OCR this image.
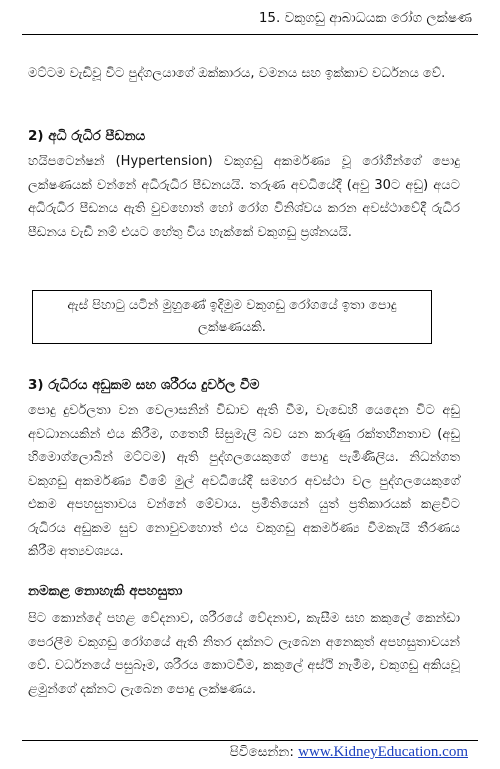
15. වකුගඩු ආබාධයක රෝග ලක්ෂණ

මට්ටම වැඩිවූ විට පුද්ගලයාගේ ඔක්කාරය, වමනය සහ ඉක්කාව වර්ධනය වේ.

2) අධි රුධිර පීඩනය

හයිපටෙන්ෂන් (Hypertension) වකුගඩු අකර්මණ්‍ය වූ රෝගීන්ගේ පොදු ලක්ෂණයක් වන්නේ අධිරුධිර පීඩනයයි. තරුණ අවධියේදී (අවු 30ට අඩු) අයට අධිරුධිර පීඩනය ඇති වුවහොත් හෝ රෝග විනිශ්වය කරන අවස්ථාවේදී රුධිර පීඩනය වැඩි නම් එයට හේතු විය හැක්කේ වකුගඩු ප්‍රශ්නයයි.

ඇස් පිහාටු යටින් මුහුණේ ඉදිමුම වකුගඩු රෝගයේ ඉතා පොදු ලක්ෂණයකි.

3) රුධිරය අඩුකම සහ ශරීරය දුර්වල වීම

පොදු දුර්වලතා වන වෙලාසනින් විඩාව ඇති වීම, වැඩෙහි යෙදෙන විට අඩු අවධානයකින් එය කිරීම, ගතෙහි සිසුමැලි බව යන කරුණු රක්තහීනතාව (අඩු හිමොග්ලොබින් මට්ටම) ඇති පුද්ගලයෙකුගේ පොදු පැමිණිලිය. නිධන්ගත වකුගඩු අකර්මණ්‍ය වීමේ මුල් අවධියේදී සමහර අවස්ථා වල පුද්ගලයෙකුගේ එකම අපහසුතාවය වන්නේ මේවාය. ප්‍රමිතියෙන් යුත් ප්‍රතිකාරයක් කළවිට රුධිරය අඩුකම සුව නොවුවහොත් එය වකුගඩු අකර්මණ්‍ය වීමකැයි තීරණය කිරීම අත්‍යවශ්‍යය.

නමකළ නොහැකි අපහසුතා

පිට කොන්දේ පහළ වේදනාව, ශරීරයේ වේදනාව, කැසීම සහ කකුලේ කෙන්ඩා පෙරලීම වකුගඩු රෝගයේ ඇති නිතර දක්නට ලැබෙන අනෙකුත් අපහසුතාවයන් වේ. වර්ධනයේ පසුබෑම, ශරීරය කොටවීම, කකුලේ අස්ථි නැමීම, වකුගඩු අකියවූ ළමුන්ගේ දක්නට ලැබෙන පොදු ලක්ෂණය.

පිවිසෙන්න: www.KidneyEducation.com
